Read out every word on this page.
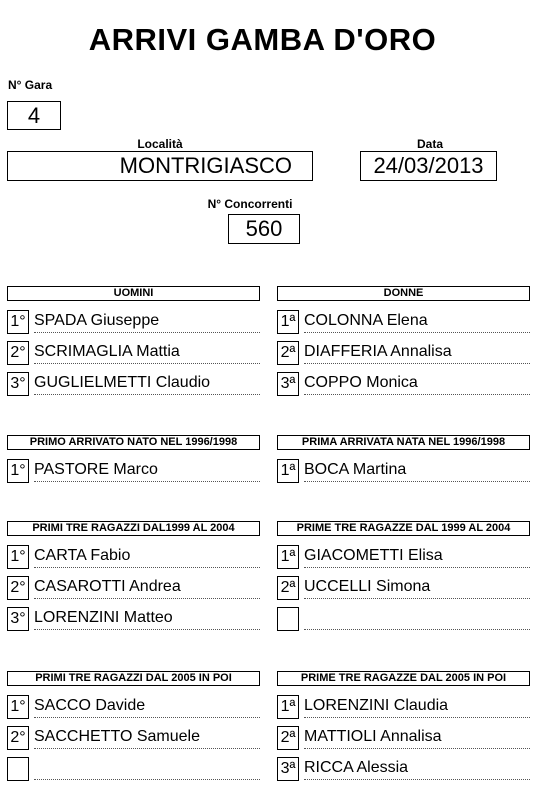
ARRIVI GAMBA D'ORO
N° Gara
4
Località
MONTRIGIASCO
Data
24/03/2013
N° Concorrenti
560
UOMINI
1° SPADA Giuseppe
2° SCRIMAGLIA Mattia
3° GUGLIELMETTI Claudio
DONNE
1ª COLONNA Elena
2ª DIAFFERIA Annalisa
3ª COPPO Monica
PRIMO ARRIVATO NATO NEL 1996/1998
1° PASTORE Marco
PRIMA ARRIVATA NATA NEL 1996/1998
1ª BOCA Martina
PRIMI TRE RAGAZZI DAL1999 AL 2004
1° CARTA Fabio
2° CASAROTTI Andrea
3° LORENZINI Matteo
PRIME TRE RAGAZZE DAL 1999 AL 2004
1ª GIACOMETTI Elisa
2ª UCCELLI Simona
PRIMI TRE RAGAZZI DAL 2005 IN POI
1° SACCO Davide
2° SACCHETTO Samuele
PRIME TRE RAGAZZE DAL 2005 IN POI
1ª LORENZINI Claudia
2ª MATTIOLI Annalisa
3ª RICCA Alessia
